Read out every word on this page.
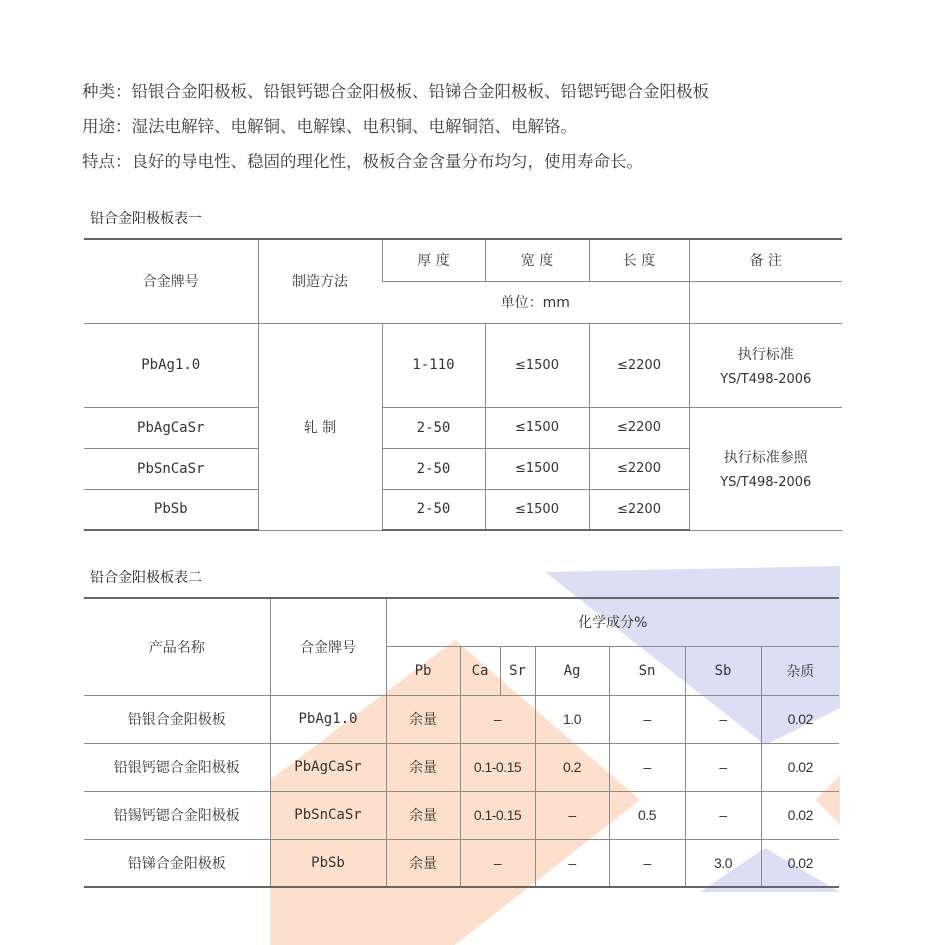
种类：铅银合金阳极板、铅银钙锶合金阳极板、铅锑合金阳极板、铅锶钙锶合金阳极板

用途：湿法电解锌、电解铜、电解镍、电积铜、电解铜箔、电解铬。

特点：良好的导电性、稳固的理化性，极板合金含量分布均匀，使用寿命长。

铅合金阳极板表一
合金牌号	制造方法	厚 度	宽 度	长 度	备 注
		单位：mm			
PbAg1.0	轧 制	1-110	≤1500	≤2200	执行标准
YS/T498-2006

PbAgCaSr		2-50	≤1500	≤2200	执行标准参照
YS/T498-2006

PbSnCaSr		2-50	≤1500	≤2200	
PbSb		2-50	≤1500	≤2200	
铅合金阳极板表二
产品名称	合金牌号	化学成分%						
		Pb	Ca	Sr	Ag	Sn	Sb	杂质
铅银合金阳极板	PbAg1.0	余量	–		1.0	–	–	0.02
铅银钙锶合金阳极板	PbAgCaSr	余量	0.1-0.15		0.2	–	–	0.02
铅锡钙锶合金阳极板	PbSnCaSr	余量	0.1-0.15		–	0.5	–	0.02
铅锑合金阳极板	PbSb	余量	–		–	–	3.0	0.02
